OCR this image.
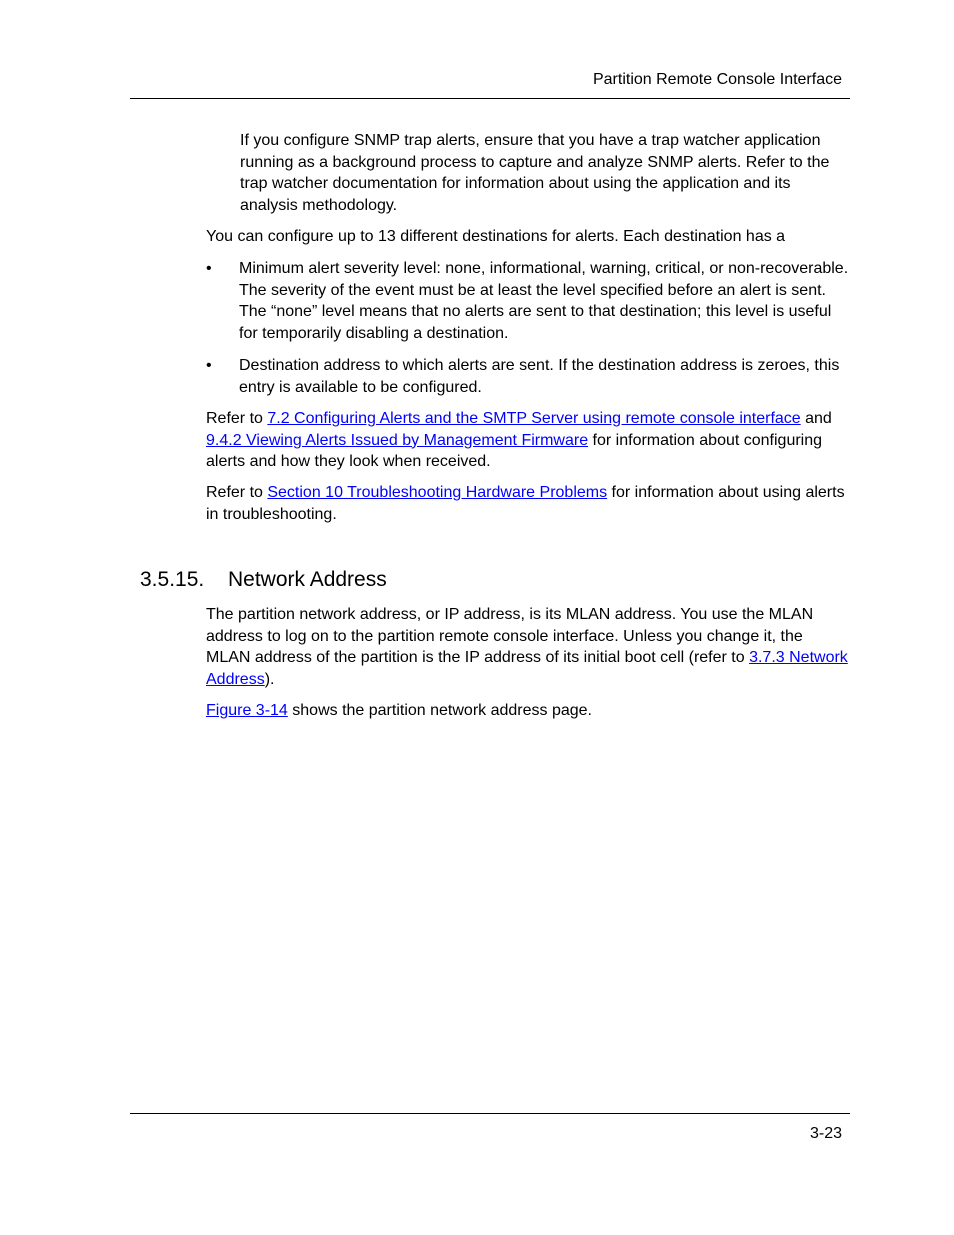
Partition Remote Console Interface

If you configure SNMP trap alerts, ensure that you have a trap watcher application running as a background process to capture and analyze SNMP alerts. Refer to the trap watcher documentation for information about using the application and its analysis methodology.

You can configure up to 13 different destinations for alerts. Each destination has a

• Minimum alert severity level: none, informational, warning, critical, or non-recoverable. The severity of the event must be at least the level specified before an alert is sent. The “none” level means that no alerts are sent to that destination; this level is useful for temporarily disabling a destination.
• Destination address to which alerts are sent. If the destination address is zeroes, this entry is available to be configured.

Refer to 7.2 Configuring Alerts and the SMTP Server using remote console interface and 9.4.2 Viewing Alerts Issued by Management Firmware for information about configuring alerts and how they look when received.

Refer to Section 10 Troubleshooting Hardware Problems for information about using alerts in troubleshooting.

3.5.15. Network Address

The partition network address, or IP address, is its MLAN address. You use the MLAN address to log on to the partition remote console interface. Unless you change it, the MLAN address of the partition is the IP address of its initial boot cell (refer to 3.7.3 Network Address).

Figure 3-14 shows the partition network address page.

3-23
